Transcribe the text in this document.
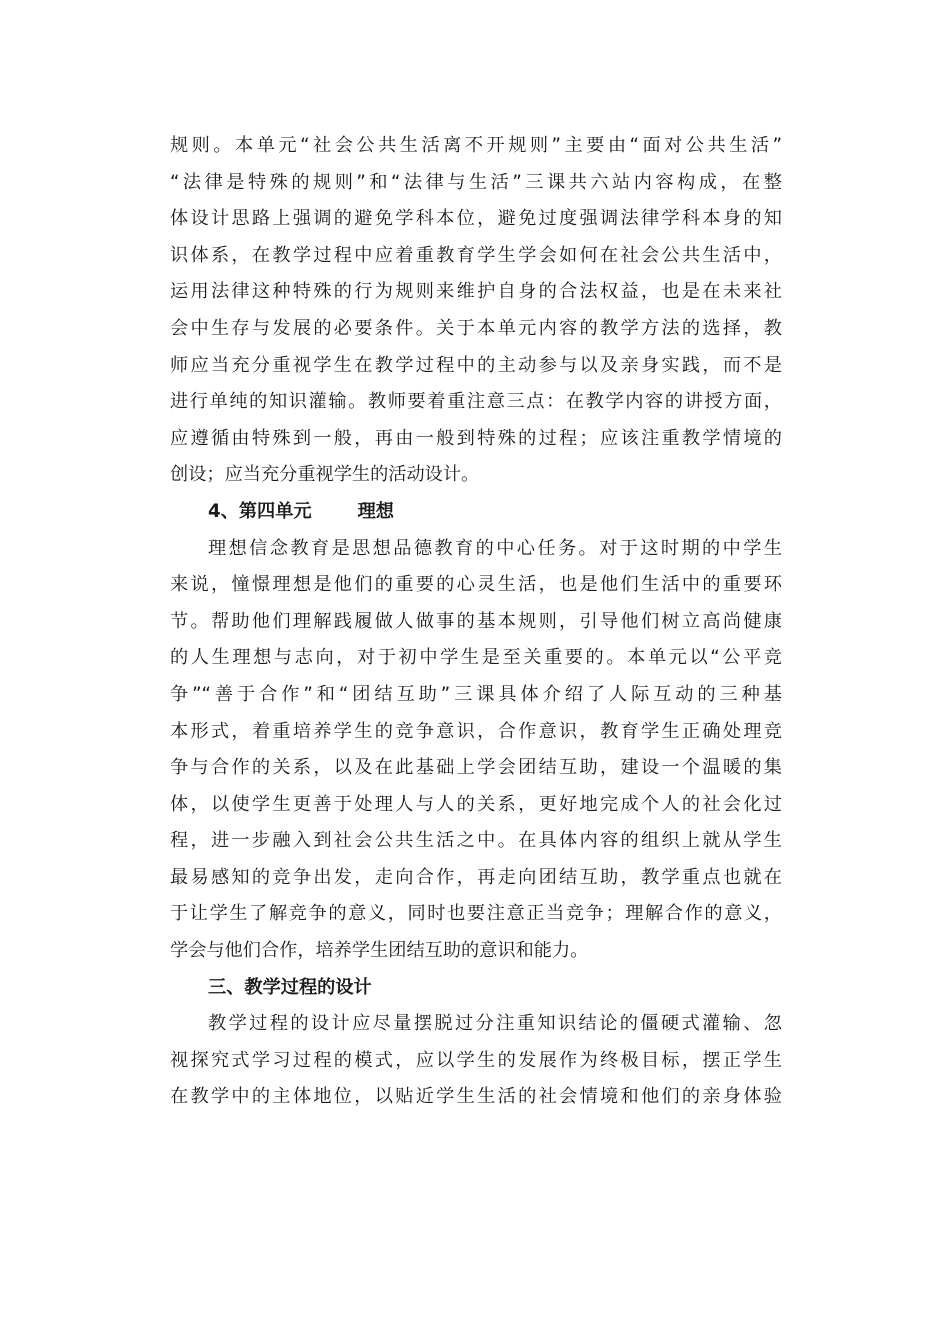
规则。本单元“社会公共生活离不开规则”主要由“面对公共生活”
“法律是特殊的规则”和“法律与生活”三课共六站内容构成，在整
体设计思路上强调的避免学科本位，避免过度强调法律学科本身的知
识体系，在教学过程中应着重教育学生学会如何在社会公共生活中，
运用法律这种特殊的行为规则来维护自身的合法权益，也是在未来社
会中生存与发展的必要条件。关于本单元内容的教学方法的选择，教
师应当充分重视学生在教学过程中的主动参与以及亲身实践，而不是
进行单纯的知识灌输。教师要着重注意三点：在教学内容的讲授方面，
应遵循由特殊到一般，再由一般到特殊的过程；应该注重教学情境的
创设；应当充分重视学生的活动设计。
4、第四单元	理想
理想信念教育是思想品德教育的中心任务。对于这时期的中学生
来说，憧憬理想是他们的重要的心灵生活，也是他们生活中的重要环
节。帮助他们理解践履做人做事的基本规则，引导他们树立高尚健康
的人生理想与志向，对于初中学生是至关重要的。本单元以“公平竞
争”“善于合作”和“团结互助”三课具体介绍了人际互动的三种基
本形式，着重培养学生的竞争意识，合作意识，教育学生正确处理竞
争与合作的关系，以及在此基础上学会团结互助，建设一个温暖的集
体，以使学生更善于处理人与人的关系，更好地完成个人的社会化过
程，进一步融入到社会公共生活之中。在具体内容的组织上就从学生
最易感知的竞争出发，走向合作，再走向团结互助，教学重点也就在
于让学生了解竞争的意义，同时也要注意正当竞争；理解合作的意义，
学会与他们合作，培养学生团结互助的意识和能力。
三、教学过程的设计
教学过程的设计应尽量摆脱过分注重知识结论的僵硬式灌输、忽
视探究式学习过程的模式，应以学生的发展作为终极目标，摆正学生
在教学中的主体地位，以贴近学生生活的社会情境和他们的亲身体验
